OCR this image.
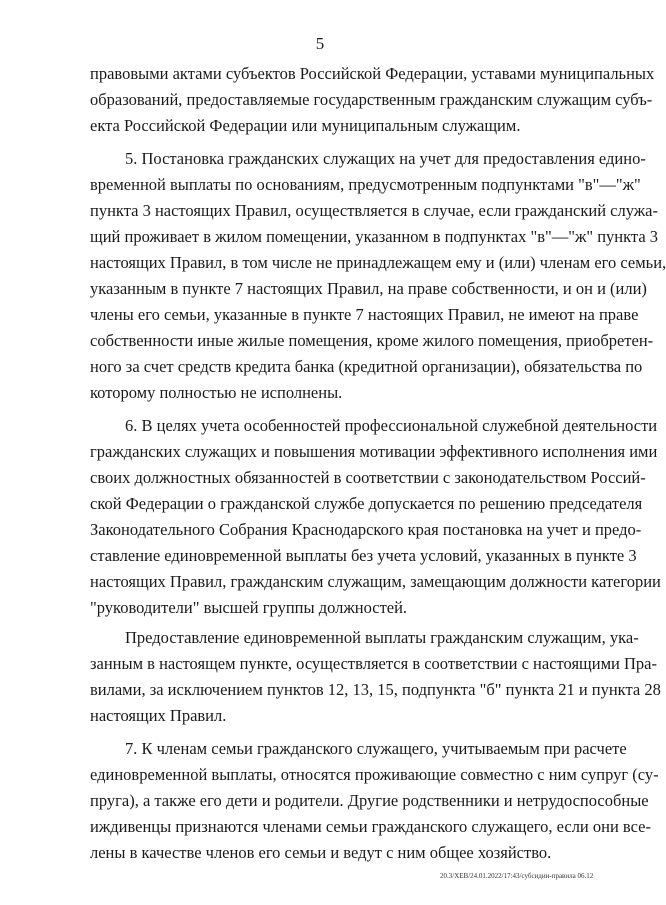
5
правовыми актами субъектов Российской Федерации, уставами муниципальных
образований, предоставляемые государственным гражданским служащим субъ-
екта Российской Федерации или муниципальным служащим.
5. Постановка гражданских служащих на учет для предоставления едино-
временной выплаты по основаниям, предусмотренным подпунктами "в"—"ж"
пункта 3 настоящих Правил, осуществляется в случае, если гражданский служа-
щий проживает в жилом помещении, указанном в подпунктах "в"—"ж" пункта 3
настоящих Правил, в том числе не принадлежащем ему и (или) членам его семьи,
указанным в пункте 7 настоящих Правил, на праве собственности, и он и (или)
члены его семьи, указанные в пункте 7 настоящих Правил, не имеют на праве
собственности иные жилые помещения, кроме жилого помещения, приобретен-
ного за счет средств кредита банка (кредитной организации), обязательства по
которому полностью не исполнены.
6. В целях учета особенностей профессиональной служебной деятельности
гражданских служащих и повышения мотивации эффективного исполнения ими
своих должностных обязанностей в соответствии с законодательством Россий-
ской Федерации о гражданской службе допускается по решению председателя
Законодательного Собрания Краснодарского края постановка на учет и предо-
ставление единовременной выплаты без учета условий, указанных в пункте 3
настоящих Правил, гражданским служащим, замещающим должности категории
"руководители" высшей группы должностей.
Предоставление единовременной выплаты гражданским служащим, ука-
занным в настоящем пункте, осуществляется в соответствии с настоящими Пра-
вилами, за исключением пунктов 12, 13, 15, подпункта "б" пункта 21 и пункта 28
настоящих Правил.
7. К членам семьи гражданского служащего, учитываемым при расчете
единовременной выплаты, относятся проживающие совместно с ним супруг (су-
пруга), а также его дети и родители. Другие родственники и нетрудоспособные
иждивенцы признаются членами семьи гражданского служащего, если они все-
лены в качестве членов его семьи и ведут с ним общее хозяйство.
20.3/ХЕВ/24.01.2022/17:43/субсидии-правила 06.12
